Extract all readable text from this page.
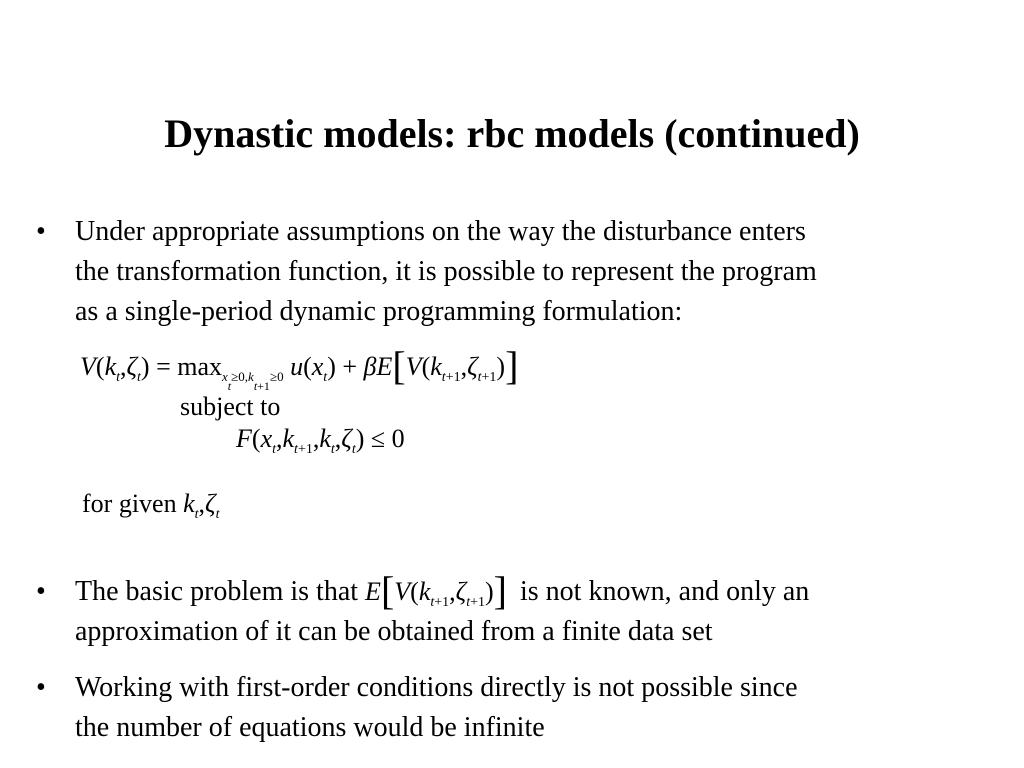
Dynastic models: rbc models (continued)
• Under appropriate assumptions on the way the disturbance enters
the transformation function, it is possible to represent the program
as a single-period dynamic programming formulation:
$V(k_t,\zeta_t) = \max_{xt\ge 0,kt+1\ge 0} u(x_t) + \beta E[V(k_{t+1},\zeta_{t+1})]$
subject to
$F(x_t,k_{t+1},k_t,\zeta_t) \le 0$
for given $k_t,\zeta_t$
• The basic problem is that $E[V(k_{t+1},\zeta_{t+1})]$ is not known, and only an
approximation of it can be obtained from a finite data set
• Working with first-order conditions directly is not possible since
the number of equations would be infinite
